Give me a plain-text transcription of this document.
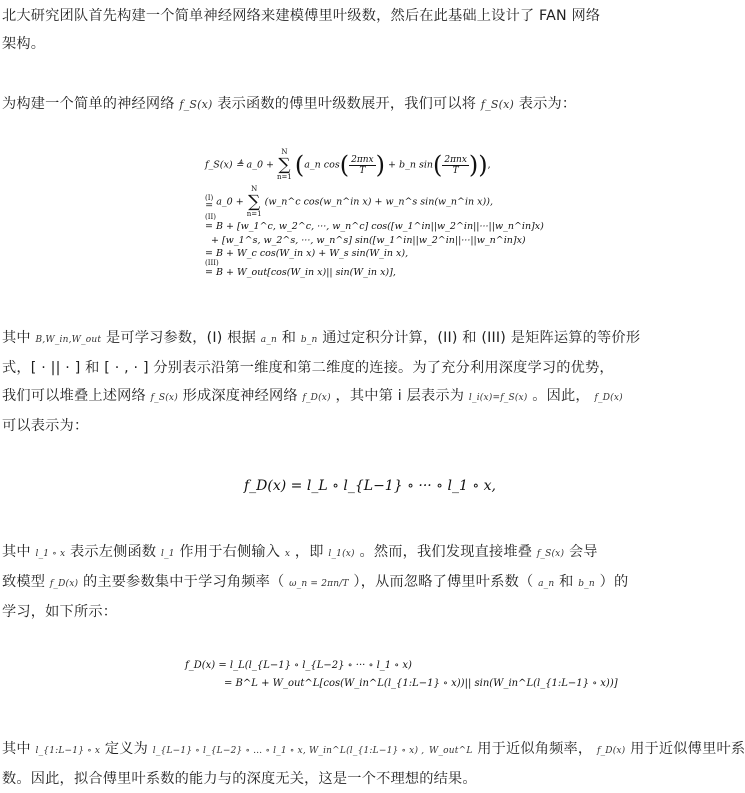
北大研究团队首先构建一个简单神经网络来建模傅里叶级数，然后在此基础上设计了 FAN 网络
架构。
为构建一个简单的神经网络 f_S(x) 表示函数的傅里叶级数展开，我们可以将 f_S(x) 表示为：
f_S(x) ≜ a_0 +
N
∑
n=1 (a_n $\cos( \frac{\text{2πnx}}{T}$ ) + b_n $\sin( \frac{\text{2πnx}}{T}$ )),
(I)
= a_0 +
N
∑
n=1
(w_n^c cos(w_n^in x) + w_n^s sin(w_n^in x)),
(II)
= B + [w_1^c, w_2^c, ···, w_n^c] cos([w_1^in||w_2^in||···||w_n^in]x)
+ [w_1^s, w_2^s, ···, w_n^s] sin([w_1^in||w_2^in||···||w_n^in]x)
= B + W_c cos(W_in x) + W_s sin(W_in x),
(III)
= B + W_out[cos(W_in x)|| sin(W_in x)],
其中 B,W_in,W_out 是可学习参数，(I) 根据 a_n 和 b_n 通过定积分计算，(II) 和 (III) 是矩阵运算的等价形
式，[ · || · ] 和 [ · , · ] 分别表示沿第一维度和第二维度的连接。为了充分利用深度学习的优势，
我们可以堆叠上述网络 f_S(x) 形成深度神经网络 f_D(x) ，其中第 i 层表示为 l_i(x)=f_S(x) 。因此， f_D(x)
可以表示为：
f_D(x) = l_L ∘ l_{L−1} ∘ ··· ∘ l_1 ∘ x,
其中 l_1 ∘ x 表示左侧函数 l_1 作用于右侧输入 x ，即 l_1(x) 。然而，我们发现直接堆叠 f_S(x) 会导
致模型 f_D(x) 的主要参数集中于学习角频率（ ω_n = 2πn/T ），从而忽略了傅里叶系数（ a_n 和 b_n ）的
学习，如下所示：
f_D(x) = l_L(l_{L−1} ∘ l_{L−2} ∘ ··· ∘ l_1 ∘ x)
= B^L + W_out^L[cos(W_in^L(l_{1:L−1} ∘ x))|| sin(W_in^L(l_{1:L−1} ∘ x))]
其中 l_{1:L−1} ∘ x 定义为 l_{L−1} ∘ l_{L−2} ∘ … ∘ l_1 ∘ x, W_in^L(l_{1:L−1} ∘ x) , W_out^L 用于近似角频率， f_D(x) 用于近似傅里叶系
数。因此，拟合傅里叶系数的能力与的深度无关，这是一个不理想的结果。
